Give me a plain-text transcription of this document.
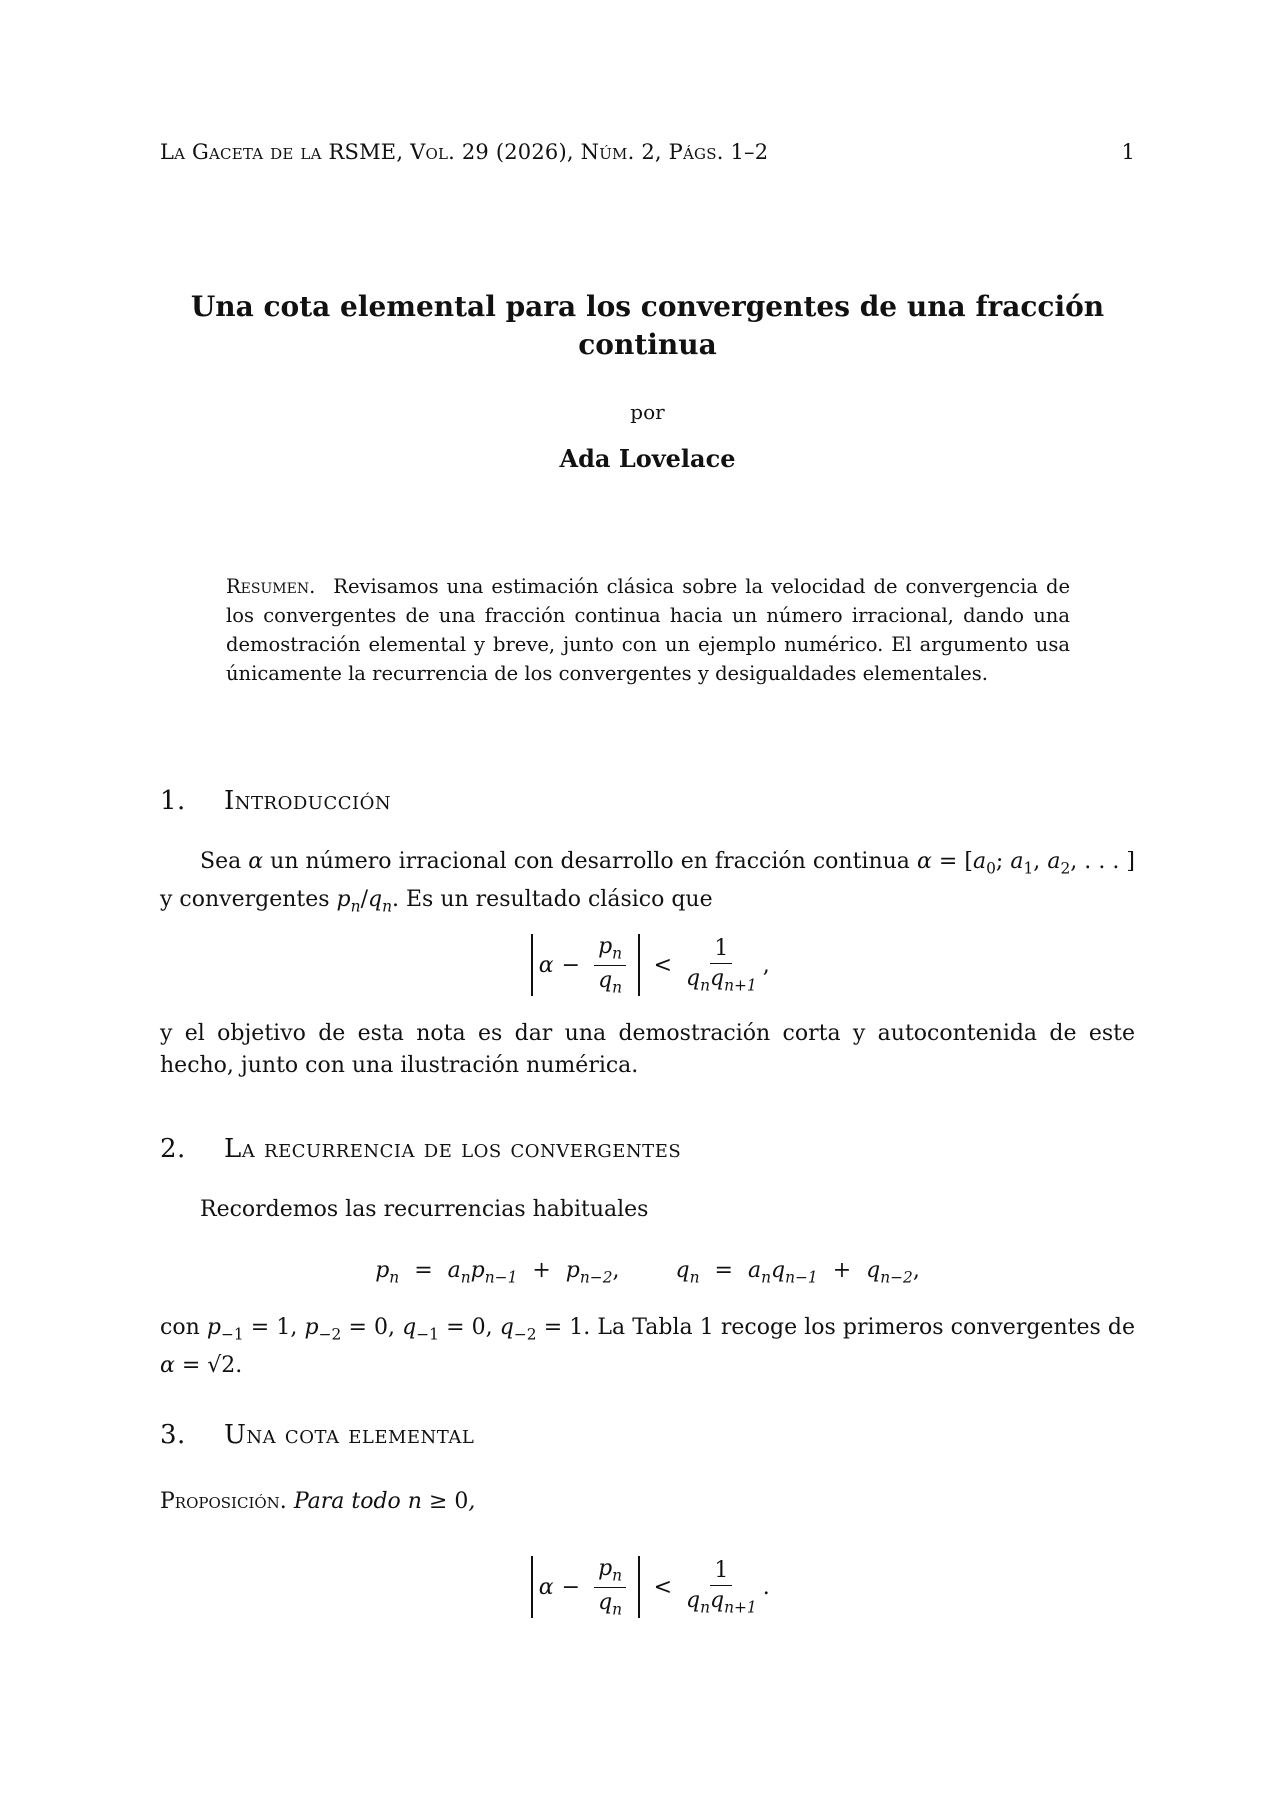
La Gaceta de la RSME, Vol. 29 (2026), Núm. 2, Págs. 1–2	1
Una cota elemental para los convergentes de una fracción continua
por
Ada Lovelace
Resumen. Revisamos una estimación clásica sobre la velocidad de convergencia de los convergentes de una fracción continua hacia un número irracional, dando una demostración elemental y breve, junto con un ejemplo numérico. El argumento usa únicamente la recurrencia de los convergentes y desigualdades elementales.
1. Introducción
Sea α un número irracional con desarrollo en fracción continua $\alpha = [a_0$; $a_1$, $a_2$, . . . ] y convergentes $p_n/q_n$. Es un resultado clásico que
$\alpha - \frac{p_n}{q_n} < \frac{1}{q_nq_{n+1}}$ ,
y el objetivo de esta nota es dar una demostración corta y autocontenida de este hecho, junto con una ilustración numérica.
2. La recurrencia de los convergentes
Recordemos las recurrencias habituales
$p_n = a_np_{n-1} + p_{n-2}$,	$q_n = a_nq_{n-1} + q_{n-2}$,
con $p_{-1} = 1$, $p_{-2} = 0$, $q_{-1} = 0$, $q_{-2} = 1$. La Tabla 1 recoge los primeros convergentes de α = √2.
3. Una cota elemental
Proposición. Para todo n ≥ 0,
$\alpha - \frac{p_n}{q_n} < \frac{1}{q_nq_{n+1}}$ .
